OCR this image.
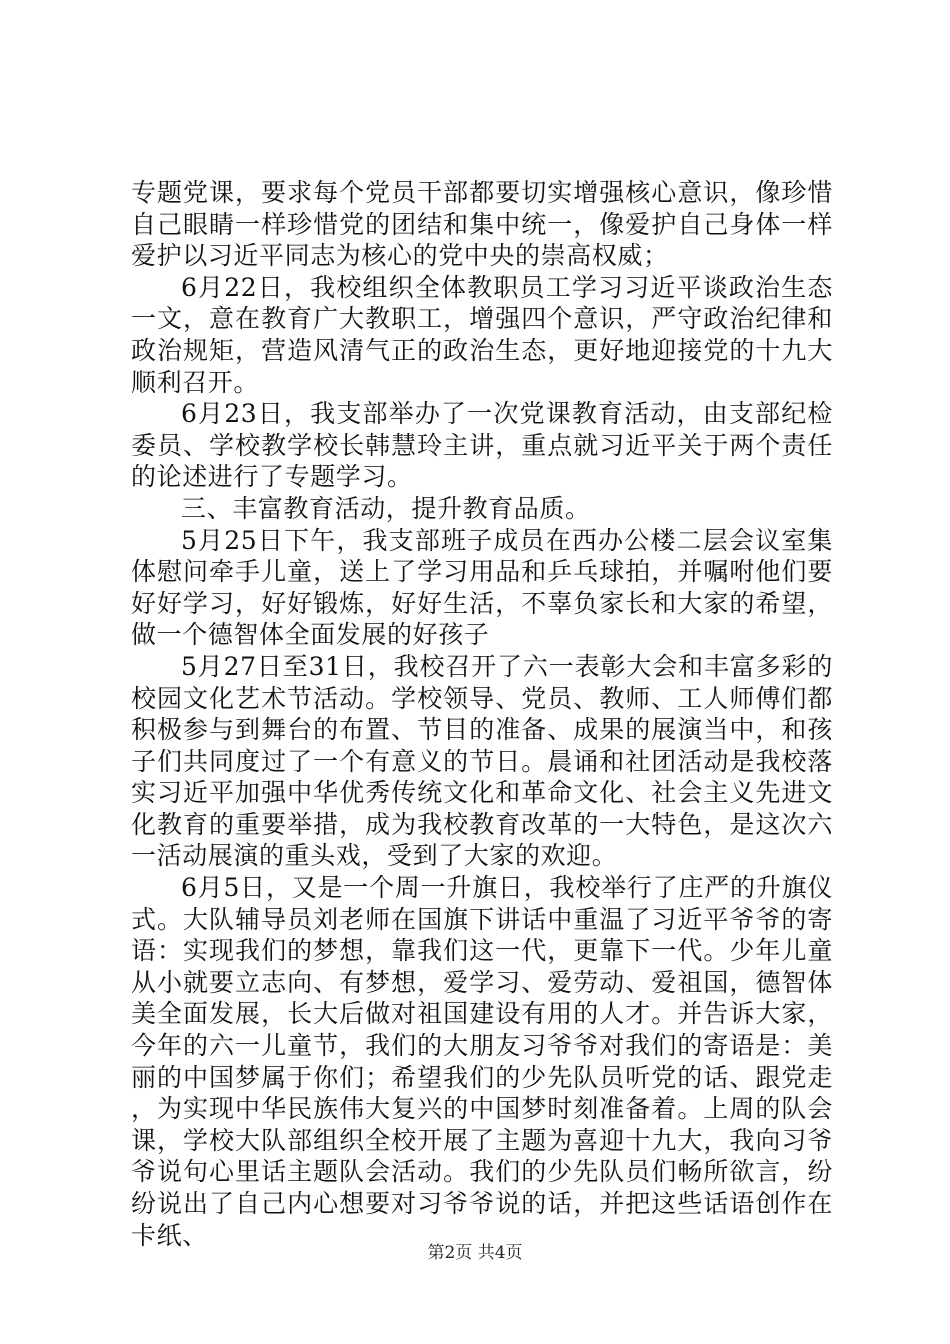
专题党课，要求每个党员干部都要切实增强核心意识，像珍惜自己眼睛一样珍惜党的团结和集中统一，像爱护自己身体一样爱护以习近平同志为核心的党中央的崇高权威；

6月22日，我校组织全体教职员工学习习近平谈政治生态一文，意在教育广大教职工，增强四个意识，严守政治纪律和政治规矩，营造风清气正的政治生态，更好地迎接党的十九大顺利召开。

6月23日，我支部举办了一次党课教育活动，由支部纪检委员、学校教学校长韩慧玲主讲，重点就习近平关于两个责任的论述进行了专题学习。

三、丰富教育活动，提升教育品质。

5月25日下午，我支部班子成员在西办公楼二层会议室集体慰问牵手儿童，送上了学习用品和乒乓球拍，并嘱咐他们要好好学习，好好锻炼，好好生活，不辜负家长和大家的希望，做一个德智体全面发展的好孩子

5月27日至31日，我校召开了六一表彰大会和丰富多彩的校园文化艺术节活动。学校领导、党员、教师、工人师傅们都积极参与到舞台的布置、节目的准备、成果的展演当中，和孩子们共同度过了一个有意义的节日。晨诵和社团活动是我校落实习近平加强中华优秀传统文化和革命文化、社会主义先进文化教育的重要举措，成为我校教育改革的一大特色，是这次六一活动展演的重头戏，受到了大家的欢迎。

6月5日，又是一个周一升旗日，我校举行了庄严的升旗仪式。大队辅导员刘老师在国旗下讲话中重温了习近平爷爷的寄语：实现我们的梦想，靠我们这一代，更靠下一代。少年儿童从小就要立志向、有梦想，爱学习、爱劳动、爱祖国，德智体美全面发展，长大后做对祖国建设有用的人才。并告诉大家，今年的六一儿童节，我们的大朋友习爷爷对我们的寄语是：美丽的中国梦属于你们；希望我们的少先队员听党的话、跟党走，为实现中华民族伟大复兴的中国梦时刻准备着。上周的队会课，学校大队部组织全校开展了主题为喜迎十九大，我向习爷爷说句心里话主题队会活动。我们的少先队员们畅所欲言，纷纷说出了自己内心想要对习爷爷说的话，并把这些话语创作在卡纸、

第2页 共4页
